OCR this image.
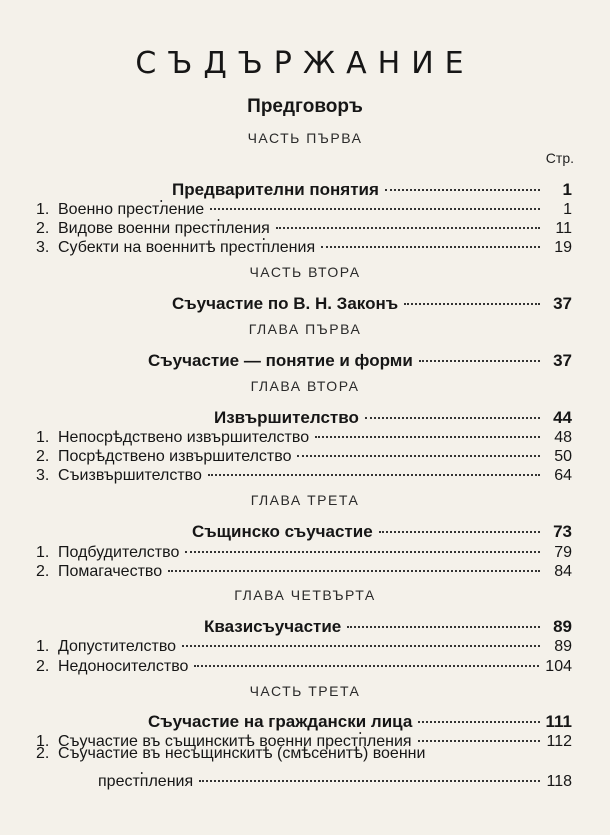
СЪДЪРЖАНИЕ
Предговоръ
ЧАСТЬ ПЪРВА
Стр.
Предварителни понятия	1
1. Военно прест۬ление	1
2. Видове военни прест۬пления	11
3. Субекти на военнитѣ прест۬пления	19
ЧАСТЬ ВТОРА
Съучастие по В. Н. Законъ	37
ГЛАВА ПЪРВА
Съучастие — понятие и форми	37
ГЛАВА ВТОРА
Извършителство	44
1. Непосрѣдствено извършителство	48
2. Посрѣдствено извършителство	50
3. Съизвършителство	64
ГЛАВА ТРЕТА
Същинско съучастие	73
1. Подбудителство	79
2. Помагачество	84
ГЛАВА ЧЕТВЪРТА
Квазисъучастие	89
1. Допустителство	89
2. Недоносителство	104
ЧАСТЬ ТРЕТА
Съучастие на граждански лица	111
1. Съучастие въ същинскитѣ военни прест۬пления	112
2. Съучастие въ несъщинскитѣ (смѣсенитѣ) военни
прест۬пления	118
